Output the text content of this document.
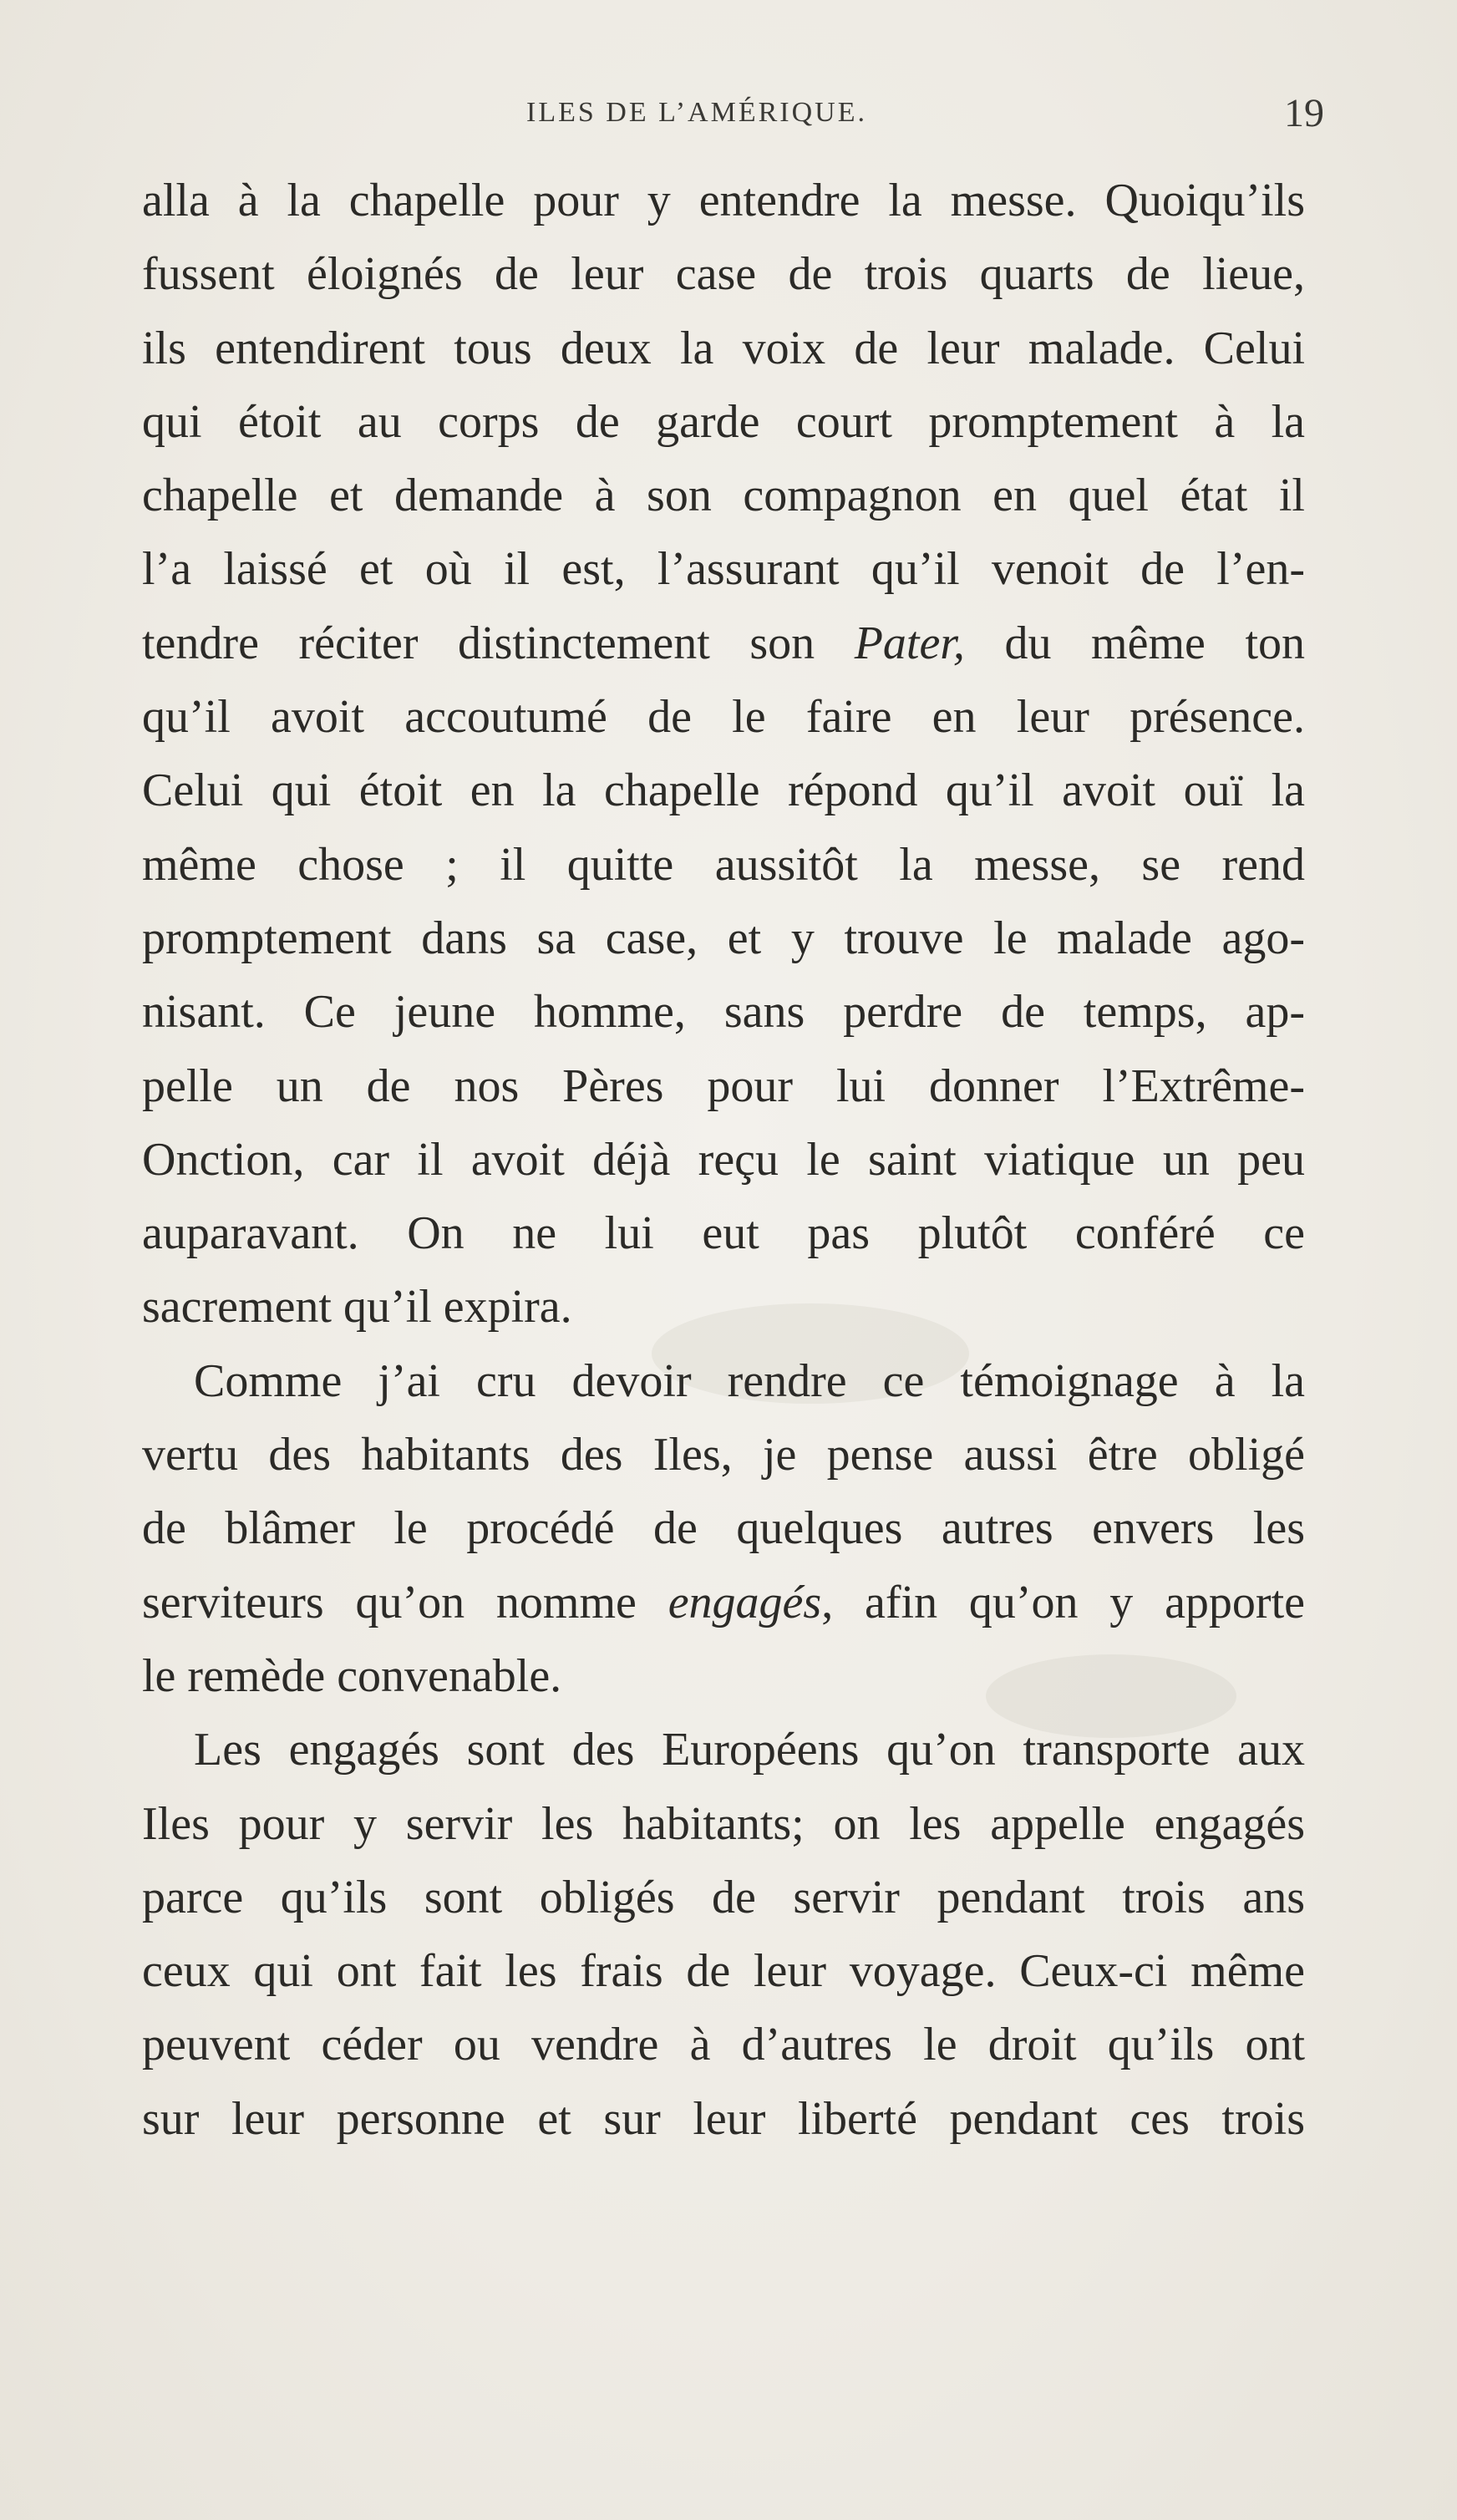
ILES DE L’AMÉRIQUE.	19
alla à la chapelle pour y entendre la messe. Quoiqu’ils
fussent éloignés de leur case de trois quarts de lieue,
ils entendirent tous deux la voix de leur malade. Celui
qui étoit au corps de garde court promptement à la
chapelle et demande à son compagnon en quel état il
l’a laissé et où il est, l’assurant qu’il venoit de l’en-
tendre réciter distinctement son Pater, du même ton
qu’il avoit accoutumé de le faire en leur présence.
Celui qui étoit en la chapelle répond qu’il avoit ouï la
même chose ; il quitte aussitôt la messe, se rend
promptement dans sa case, et y trouve le malade ago-
nisant. Ce jeune homme, sans perdre de temps, ap-
pelle un de nos Pères pour lui donner l’Extrême-
Onction, car il avoit déjà reçu le saint viatique un peu
auparavant. On ne lui eut pas plutôt conféré ce
sacrement qu’il expira.
Comme j’ai cru devoir rendre ce témoignage à la
vertu des habitants des Iles, je pense aussi être obligé
de blâmer le procédé de quelques autres envers les
serviteurs qu’on nomme engagés, afin qu’on y apporte
le remède convenable.
Les engagés sont des Européens qu’on transporte aux
Iles pour y servir les habitants; on les appelle engagés
parce qu’ils sont obligés de servir pendant trois ans
ceux qui ont fait les frais de leur voyage. Ceux-ci même
peuvent céder ou vendre à d’autres le droit qu’ils ont
sur leur personne et sur leur liberté pendant ces trois
